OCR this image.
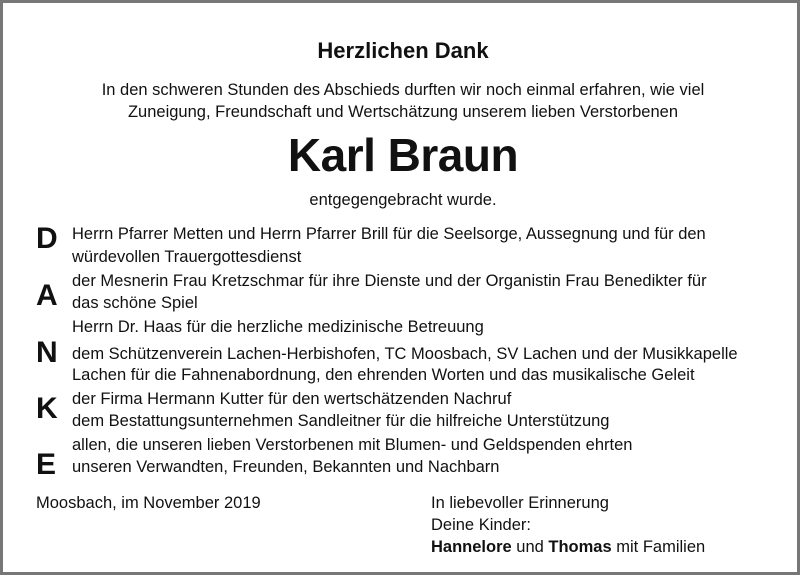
Herzlichen Dank
In den schweren Stunden des Abschieds durften wir noch einmal erfahren, wie viel
Zuneigung, Freundschaft und Wertschätzung unserem lieben Verstorbenen
Karl Braun
entgegengebracht wurde.
D
A
N
K
E
Herrn Pfarrer Metten und Herrn Pfarrer Brill für die Seelsorge, Aussegnung und für den
würdevollen Trauergottesdienst
der Mesnerin Frau Kretzschmar für ihre Dienste und der Organistin Frau Benedikter für
das schöne Spiel
Herrn Dr. Haas für die herzliche medizinische Betreuung
dem Schützenverein Lachen-Herbishofen, TC Moosbach, SV Lachen und der Musikkapelle
Lachen für die Fahnenabordnung, den ehrenden Worten und das musikalische Geleit
der Firma Hermann Kutter für den wertschätzenden Nachruf
dem Bestattungsunternehmen Sandleitner für die hilfreiche Unterstützung
allen, die unseren lieben Verstorbenen mit Blumen- und Geldspenden ehrten
unseren Verwandten, Freunden, Bekannten und Nachbarn
Moosbach, im November 2019	In liebevoller Erinnerung
Deine Kinder:
Hannelore und Thomas mit Familien
